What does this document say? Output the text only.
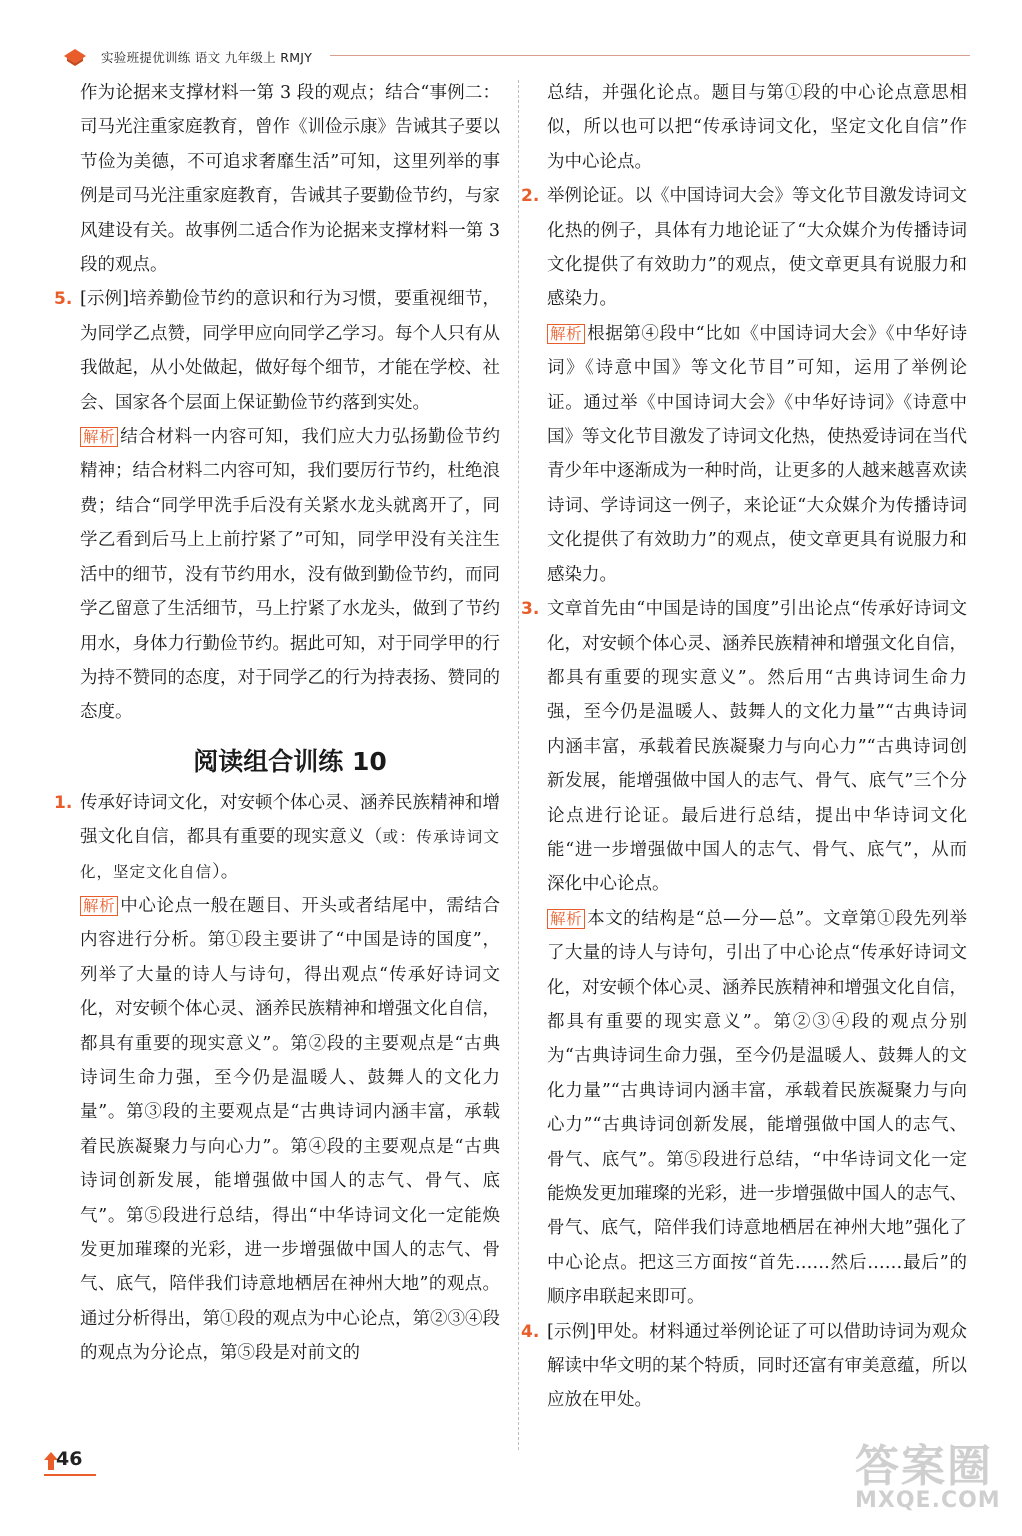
实验班提优训练 语文 九年级上 RMJY

作为论据来支撑材料一第 3 段的观点；结合“事例二：司马光注重家庭教育，曾作《训俭示康》告诫其子要以节俭为美德，不可追求奢靡生活”可知，这里列举的事例是司马光注重家庭教育，告诫其子要勤俭节约，与家风建设有关。故事例二适合作为论据来支撑材料一第 3 段的观点。

5. [示例]培养勤俭节约的意识和行为习惯，要重视细节，为同学乙点赞，同学甲应向同学乙学习。每个人只有从我做起，从小处做起，做好每个细节，才能在学校、社会、国家各个层面上保证勤俭节约落到实处。

解析 结合材料一内容可知，我们应大力弘扬勤俭节约精神；结合材料二内容可知，我们要厉行节约，杜绝浪费；结合“同学甲洗手后没有关紧水龙头就离开了，同学乙看到后马上上前拧紧了”可知，同学甲没有关注生活中的细节，没有节约用水，没有做到勤俭节约，而同学乙留意了生活细节，马上拧紧了水龙头，做到了节约用水，身体力行勤俭节约。据此可知，对于同学甲的行为持不赞同的态度，对于同学乙的行为持表扬、赞同的态度。

阅读组合训练 10
1. 传承好诗词文化，对安顿个体心灵、涵养民族精神和增强文化自信，都具有重要的现实意义（或：传承诗词文化，坚定文化自信）。

解析 中心论点一般在题目、开头或者结尾中，需结合内容进行分析。第①段主要讲了“中国是诗的国度”，列举了大量的诗人与诗句，得出观点“传承好诗词文化，对安顿个体心灵、涵养民族精神和增强文化自信，都具有重要的现实意义”。第②段的主要观点是“古典诗词生命力强，至今仍是温暖人、鼓舞人的文化力量”。第③段的主要观点是“古典诗词内涵丰富，承载着民族凝聚力与向心力”。第④段的主要观点是“古典诗词创新发展，能增强做中国人的志气、骨气、底气”。第⑤段进行总结，得出“中华诗词文化一定能焕发更加璀璨的光彩，进一步增强做中国人的志气、骨气、底气，陪伴我们诗意地栖居在神州大地”的观点。通过分析得出，第①段的观点为中心论点，第②③④段的观点为分论点，第⑤段是对前文的

总结，并强化论点。题目与第①段的中心论点意思相似，所以也可以把“传承诗词文化，坚定文化自信”作为中心论点。

2. 举例论证。以《中国诗词大会》等文化节目激发诗词文化热的例子，具体有力地论证了“大众媒介为传播诗词文化提供了有效助力”的观点，使文章更具有说服力和感染力。

解析 根据第④段中“比如《中国诗词大会》《中华好诗词》《诗意中国》等文化节目”可知，运用了举例论证。通过举《中国诗词大会》《中华好诗词》《诗意中国》等文化节目激发了诗词文化热，使热爱诗词在当代青少年中逐渐成为一种时尚，让更多的人越来越喜欢读诗词、学诗词这一例子，来论证“大众媒介为传播诗词文化提供了有效助力”的观点，使文章更具有说服力和感染力。

3. 文章首先由“中国是诗的国度”引出论点“传承好诗词文化，对安顿个体心灵、涵养民族精神和增强文化自信，都具有重要的现实意义”。然后用“古典诗词生命力强，至今仍是温暖人、鼓舞人的文化力量”“古典诗词内涵丰富，承载着民族凝聚力与向心力”“古典诗词创新发展，能增强做中国人的志气、骨气、底气”三个分论点进行论证。最后进行总结，提出中华诗词文化能“进一步增强做中国人的志气、骨气、底气”，从而深化中心论点。

解析 本文的结构是“总—分—总”。文章第①段先列举了大量的诗人与诗句，引出了中心论点“传承好诗词文化，对安顿个体心灵、涵养民族精神和增强文化自信，都具有重要的现实意义”。第②③④段的观点分别为“古典诗词生命力强，至今仍是温暖人、鼓舞人的文化力量”“古典诗词内涵丰富，承载着民族凝聚力与向心力”“古典诗词创新发展，能增强做中国人的志气、骨气、底气”。第⑤段进行总结，“中华诗词文化一定能焕发更加璀璨的光彩，进一步增强做中国人的志气、骨气、底气，陪伴我们诗意地栖居在神州大地”强化了中心论点。把这三方面按“首先……然后……最后”的顺序串联起来即可。

4. [示例]甲处。材料通过举例论证了可以借助诗词为观众解读中华文明的某个特质，同时还富有审美意蕴，所以应放在甲处。

46	答案圈
MXQE.COM
